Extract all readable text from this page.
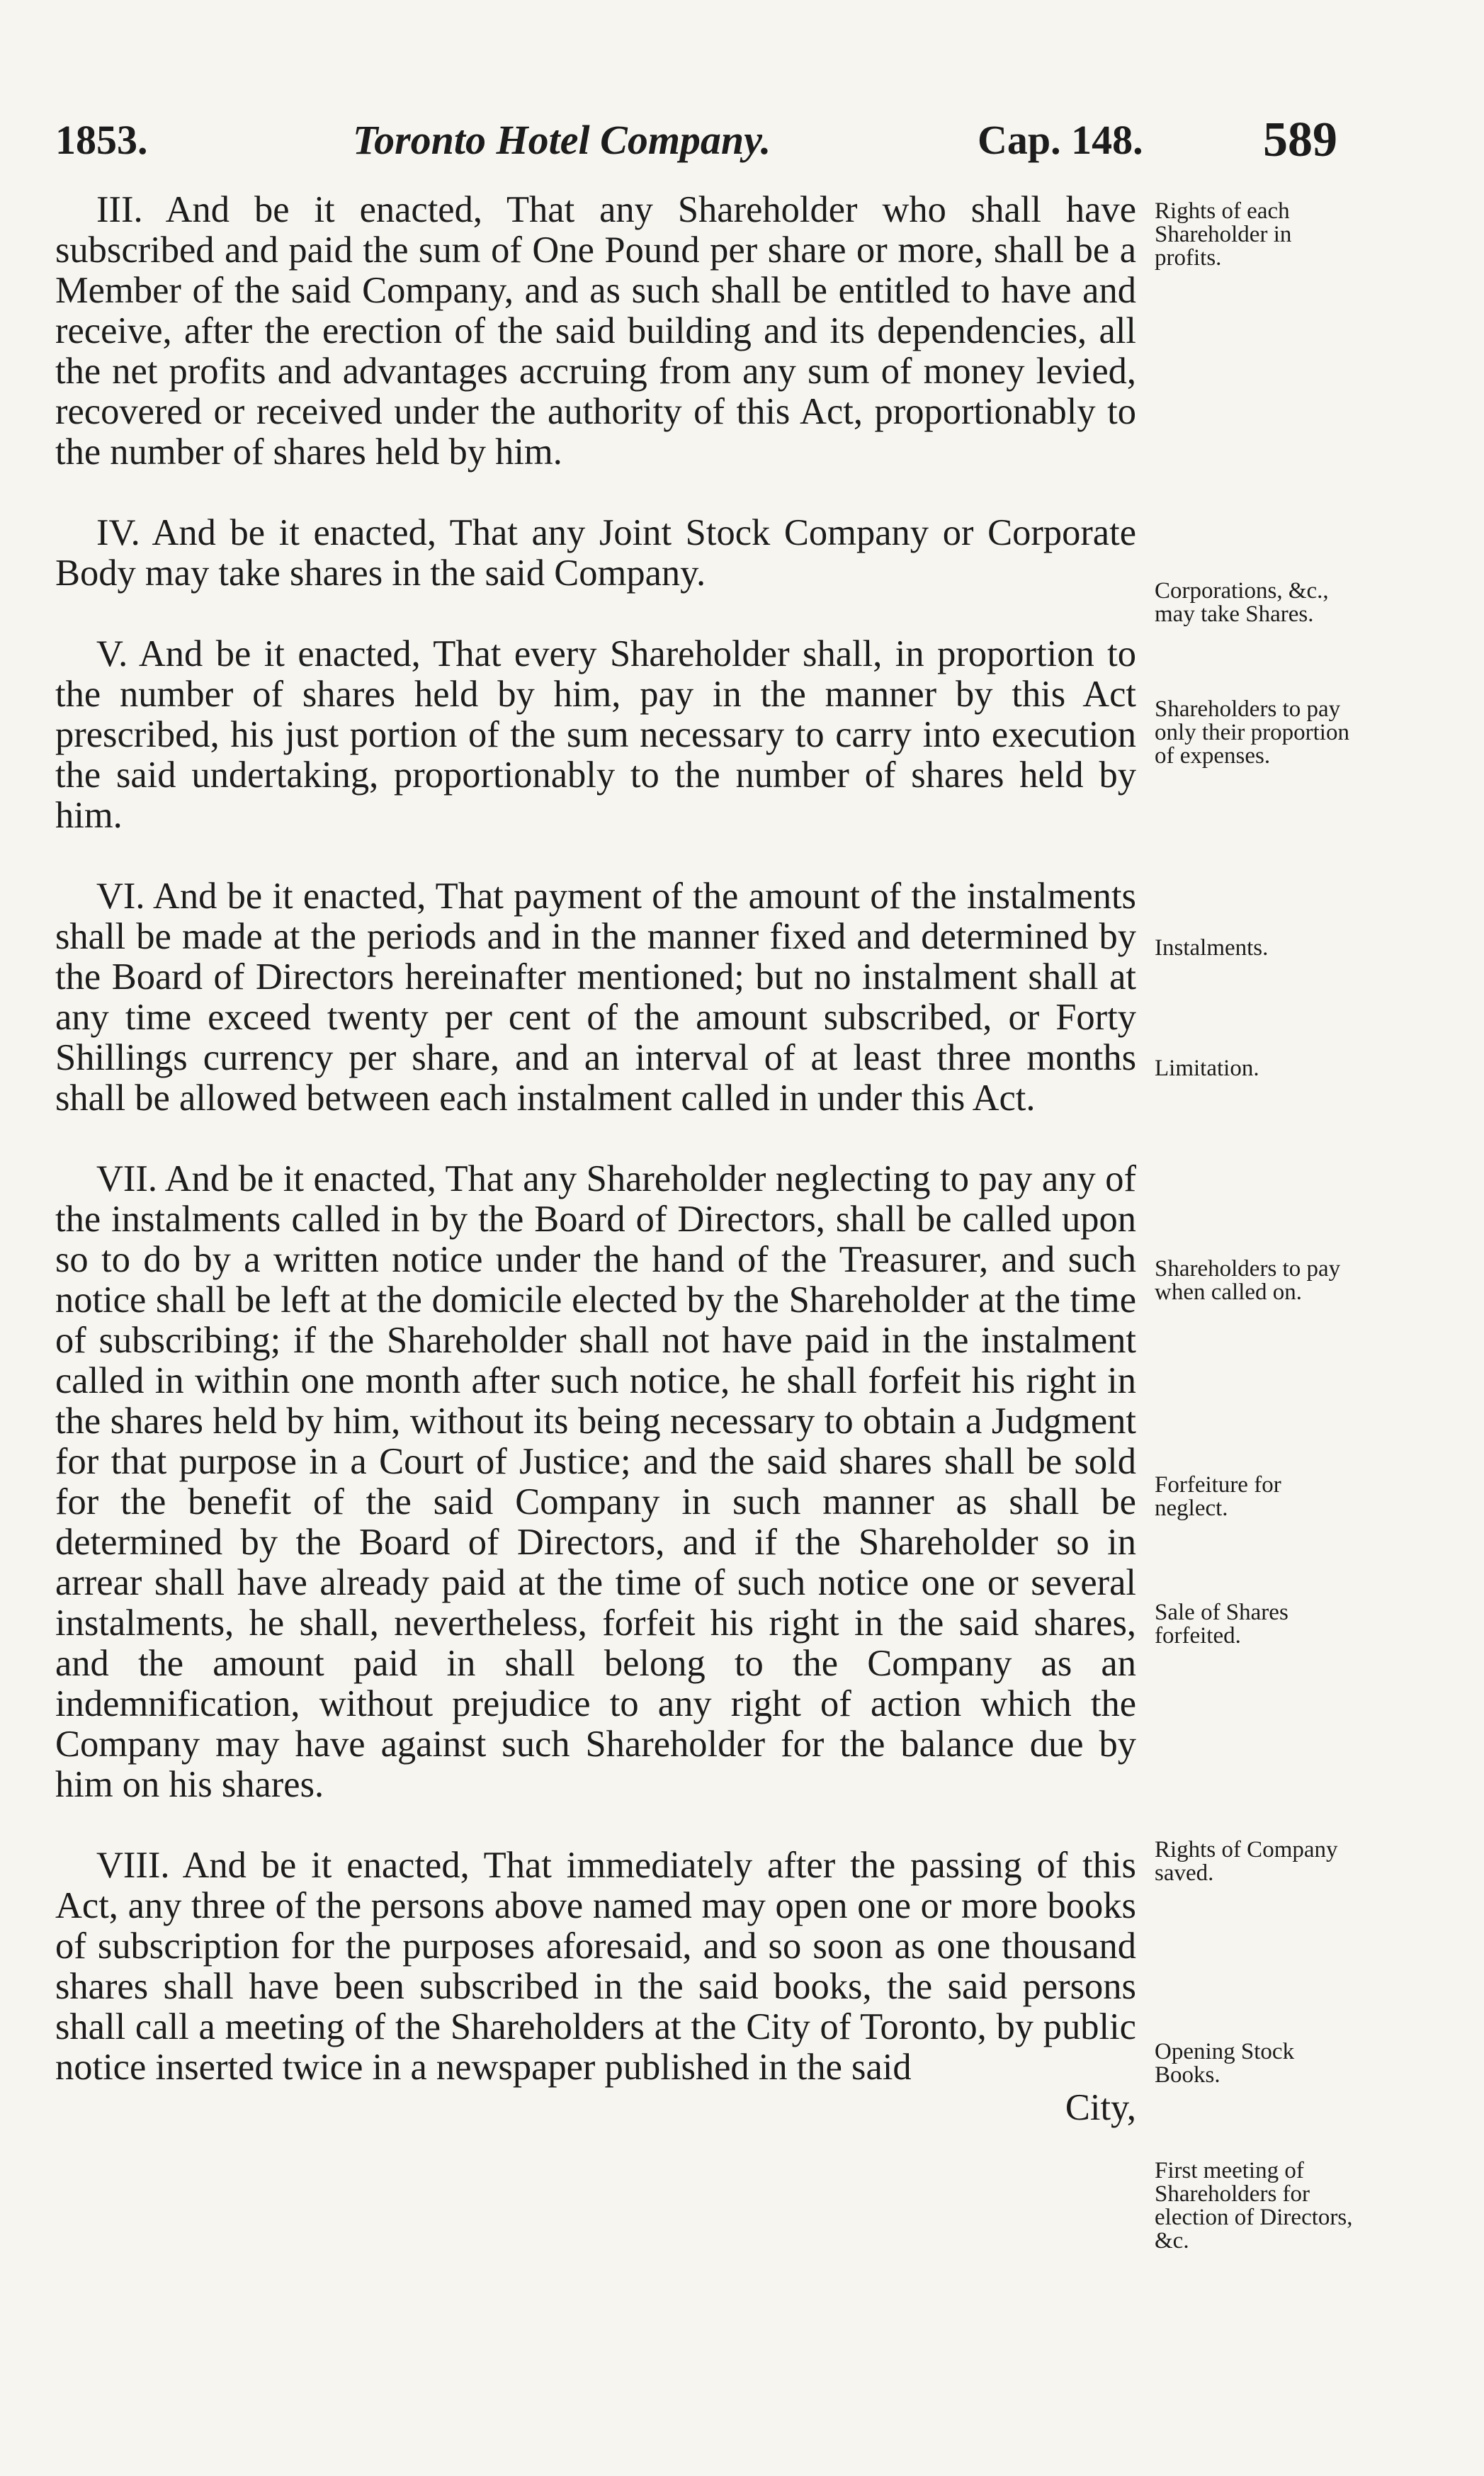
1853.	Toronto Hotel Company.	Cap. 148. 589

III. And be it enacted, That any Shareholder who shall have subscribed and paid the sum of One Pound per share or more, shall be a Member of the said Company, and as such shall be entitled to have and receive, after the erection of the said building and its dependencies, all the net profits and advantages accruing from any sum of money levied, recovered or received under the authority of this Act, proportionably to the number of shares held by him.

IV. And be it enacted, That any Joint Stock Company or Corporate Body may take shares in the said Company.

V. And be it enacted, That every Shareholder shall, in proportion to the number of shares held by him, pay in the manner by this Act prescribed, his just portion of the sum necessary to carry into execution the said undertaking, proportionably to the number of shares held by him.

VI. And be it enacted, That payment of the amount of the instalments shall be made at the periods and in the manner fixed and determined by the Board of Directors hereinafter mentioned; but no instalment shall at any time exceed twenty per cent of the amount subscribed, or Forty Shillings currency per share, and an interval of at least three months shall be allowed between each instalment called in under this Act.

VII. And be it enacted, That any Shareholder neglecting to pay any of the instalments called in by the Board of Directors, shall be called upon so to do by a written notice under the hand of the Treasurer, and such notice shall be left at the domicile elected by the Shareholder at the time of subscribing; if the Shareholder shall not have paid in the instalment called in within one month after such notice, he shall forfeit his right in the shares held by him, without its being necessary to obtain a Judgment for that purpose in a Court of Justice; and the said shares shall be sold for the benefit of the said Company in such manner as shall be determined by the Board of Directors, and if the Shareholder so in arrear shall have already paid at the time of such notice one or several instalments, he shall, nevertheless, forfeit his right in the said shares, and the amount paid in shall belong to the Company as an indemnification, without prejudice to any right of action which the Company may have against such Shareholder for the balance due by him on his shares.

VIII. And be it enacted, That immediately after the passing of this Act, any three of the persons above named may open one or more books of subscription for the purposes aforesaid, and so soon as one thousand shares shall have been subscribed in the said books, the said persons shall call a meeting of the Shareholders at the City of Toronto, by public notice inserted twice in a newspaper published in the said

City,

Rights of each Shareholder in profits.

Corporations, &c., may take Shares.

Shareholders to pay only their proportion of expenses.

Instalments.

Limitation.

Shareholders to pay when called on.

Forfeiture for neglect.

Sale of Shares forfeited.

Rights of Company saved.

Opening Stock Books.

First meeting of Shareholders for election of Directors, &c.
